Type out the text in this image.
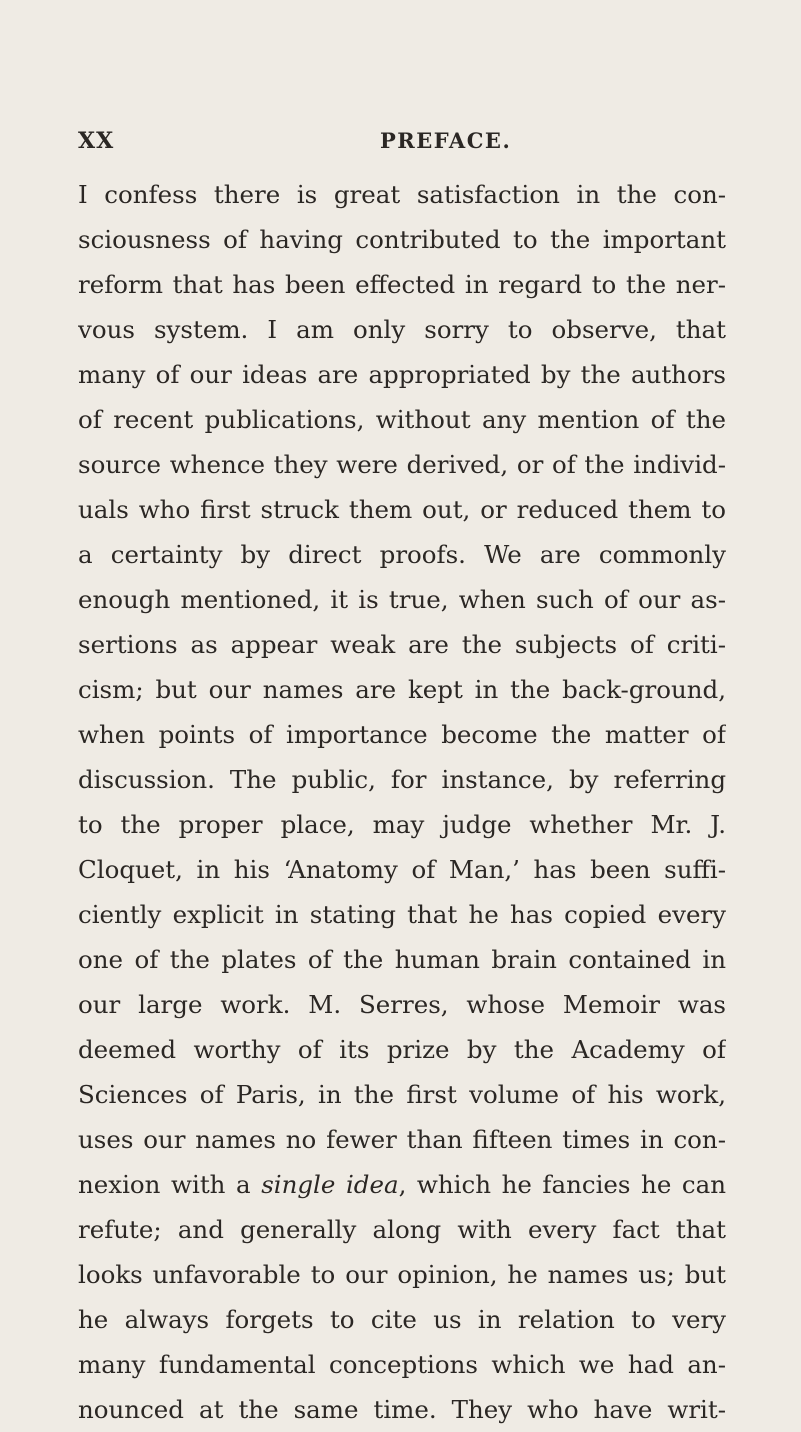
XX	PREFACE.
I confess there is great satisfaction in the con-
sciousness of having contributed to the important
reform that has been effected in regard to the ner-
vous system. I am only sorry to observe, that
many of our ideas are appropriated by the authors
of recent publications, without any mention of the
source whence they were derived, or of the individ-
uals who first struck them out, or reduced them to
a certainty by direct proofs. We are commonly
enough mentioned, it is true, when such of our as-
sertions as appear weak are the subjects of criti-
cism; but our names are kept in the back-ground,
when points of importance become the matter of
discussion. The public, for instance, by referring
to the proper place, may judge whether Mr. J.
Cloquet, in his ‘Anatomy of Man,’ has been suffi-
ciently explicit in stating that he has copied every
one of the plates of the human brain contained in
our large work. M. Serres, whose Memoir was
deemed worthy of its prize by the Academy of
Sciences of Paris, in the first volume of his work,
uses our names no fewer than fifteen times in con-
nexion with a single idea, which he fancies he can
refute; and generally along with every fact that
looks unfavorable to our opinion, he names us; but
he always forgets to cite us in relation to very
many fundamental conceptions which we had an-
nounced at the same time. They who have writ-
